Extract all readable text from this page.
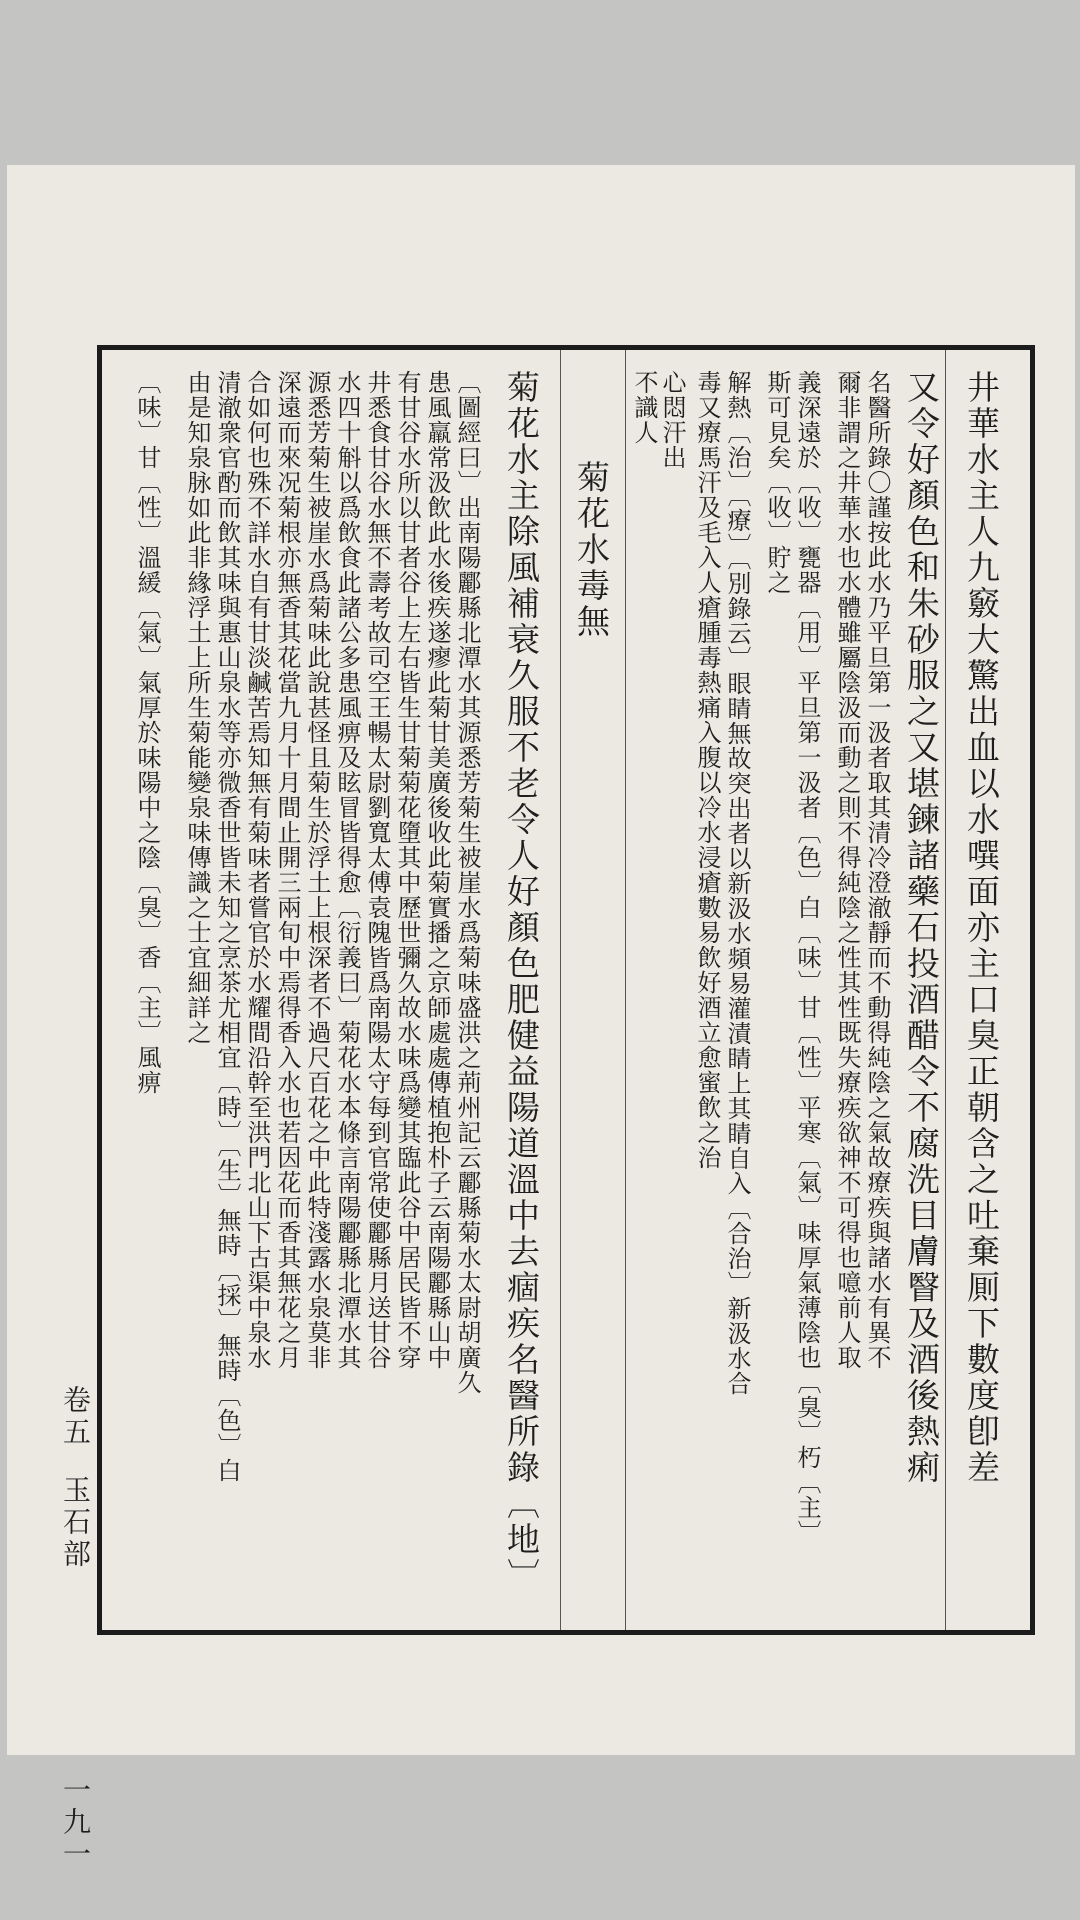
井華水主人九竅大驚出血以水噀面亦主口臭正朝含之吐棄厠下數度卽差
又令好顏色和朱砂服之又堪鍊諸藥石投酒醋令不腐洗目膚瞖及酒後熱痢
名醫所錄〇謹按此水乃平旦第一汲者取其清冷澄澈靜而不動得純陰之氣故療疾與諸水有異不
爾非謂之井華水也水體雖屬陰汲而動之則不得純陰之性其性既失療疾欲神不可得也噫前人取
義深遠於〔收〕甕器〔用〕平旦第一汲者〔色〕白〔味〕甘〔性〕平寒〔氣〕味厚氣薄陰也〔臭〕朽〔主〕
斯可見矣〔收〕貯之
解熱〔治〕〔療〕〔別錄云〕眼睛無故突出者以新汲水頻易灌漬睛上其睛自入〔合治〕新汲水合
毒又療馬汗及毛入人瘡腫毒熱痛入腹以冷水浸瘡數易飲好酒立愈蜜飲之治
心悶汗出
不識人
菊花水毒無
菊花水主除風補衰久服不老令人好顏色肥健益陽道溫中去痼疾名醫所錄〔地〕
〔圖經曰〕出南陽酈縣北潭水其源悉芳菊生被崖水爲菊味盛洪之荊州記云酈縣菊水太尉胡廣久
患風羸常汲飲此水後疾遂瘳此菊甘美廣後收此菊實播之京師處處傳植抱朴子云南陽酈縣山中
有甘谷水所以甘者谷上左右皆生甘菊菊花墮其中歷世彌久故水味爲變其臨此谷中居民皆不穿
井悉食甘谷水無不壽考故司空王暢太尉劉寬太傅袁隗皆爲南陽太守每到官常使酈縣月送甘谷
水四十斛以爲飲食此諸公多患風痹及眩冒皆得愈〔衍義曰〕菊花水本條言南陽酈縣北潭水其
源悉芳菊生被崖水爲菊味此說甚怪且菊生於浮土上根深者不過尺百花之中此特淺露水泉莫非
深遠而來况菊根亦無香其花當九月十月間止開三兩旬中焉得香入水也若因花而香其無花之月
合如何也殊不詳水自有甘淡鹹苦焉知無有菊味者嘗官於水耀間沿幹至洪門北山下古渠中泉水
清澈衆官酌而飲其味與惠山泉水等亦微香世皆未知之烹茶尤相宜〔時〕〔生〕無時〔採〕無時〔色〕白
由是知泉脉如此非緣浮土上所生菊能變泉味傳識之士宜細詳之
〔味〕甘〔性〕溫緩〔氣〕氣厚於味陽中之陰〔臭〕香〔主〕風痹
卷五
玉石部
一九一
